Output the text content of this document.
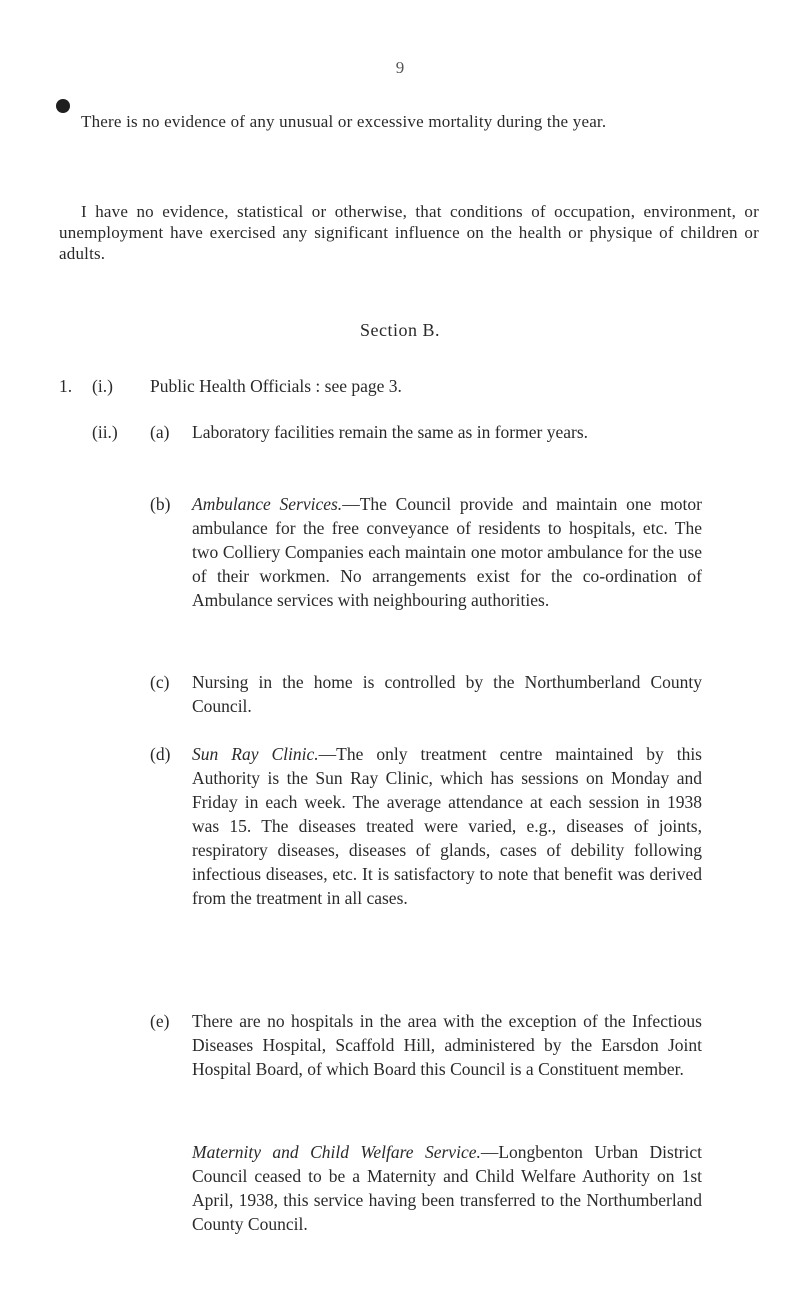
9

There is no evidence of any unusual or excessive mortality during the year.

I have no evidence, statistical or otherwise, that conditions of occupation, environment, or unemployment have exercised any significant influence on the health or physique of children or adults.

Section B.
1. (i.) Public Health Officials : see page 3.
(ii.) (a)	Laboratory facilities remain the same as in former years.
(b)	Ambulance Services.—The Council provide and maintain one motor ambulance for the free conveyance of residents to hospitals, etc. The two Colliery Companies each maintain one motor ambulance for the use of their workmen. No arrangements exist for the co-ordination of Ambulance services with neighbouring authorities.
(c)	Nursing in the home is controlled by the Northumberland County Council.
(d)	Sun Ray Clinic.—The only treatment centre maintained by this Authority is the Sun Ray Clinic, which has sessions on Monday and Friday in each week. The average attendance at each session in 1938 was 15. The diseases treated were varied, e.g., diseases of joints, respiratory diseases, diseases of glands, cases of debility following infectious diseases, etc. It is satisfactory to note that benefit was derived from the treatment in all cases.
(e)	There are no hospitals in the area with the exception of the Infectious Diseases Hospital, Scaffold Hill, administered by the Earsdon Joint Hospital Board, of which Board this Council is a Constituent member.
Maternity and Child Welfare Service.—Longbenton Urban District Council ceased to be a Maternity and Child Welfare Authority on 1st April, 1938, this service having been transferred to the Northumberland County Council.
